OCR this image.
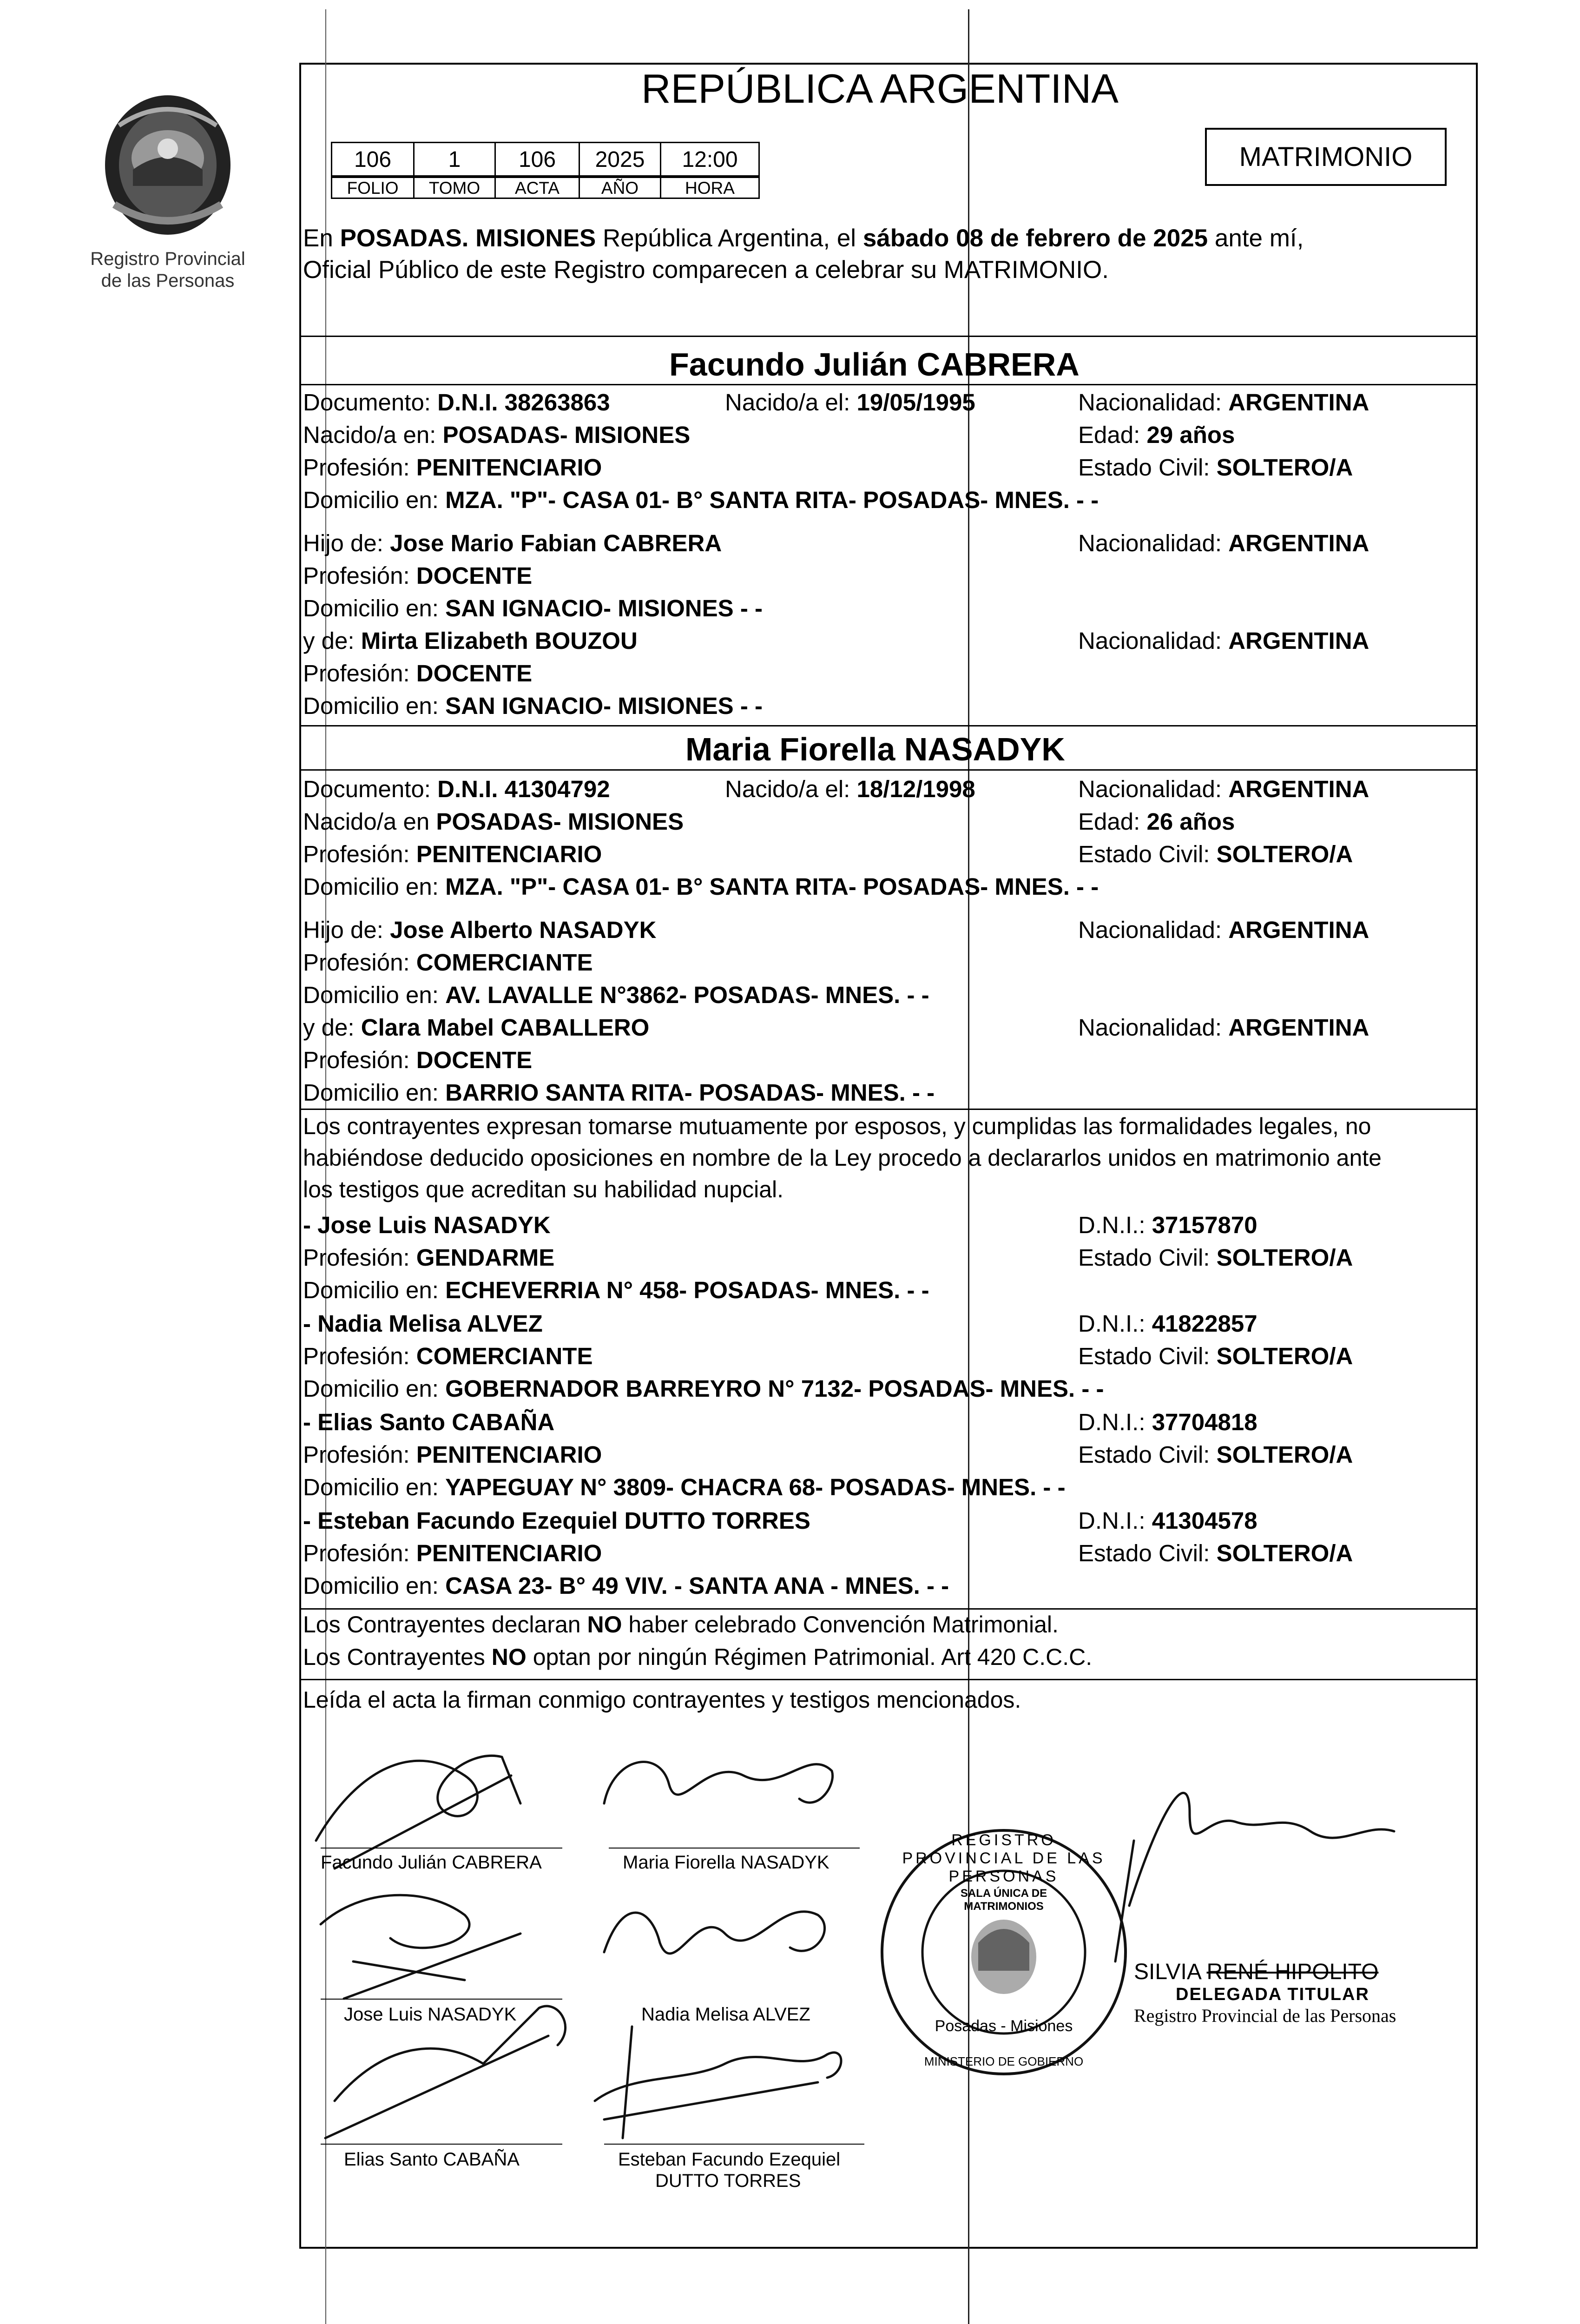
Registro Provincial
de las Personas
REPÚBLICA ARGENTINA
106	1	106	2025	12:00
FOLIO	TOMO	ACTA	AÑO	HORA
MATRIMONIO
En POSADAS. MISIONES República Argentina, el sábado 08 de febrero de 2025 ante mí,
Oficial Público de este Registro comparecen a celebrar su MATRIMONIO.
Facundo Julián CABRERA
Documento: D.N.I. 38263863	Nacido/a el: 19/05/1995	Nacionalidad: ARGENTINA
Nacido/a en: POSADAS- MISIONES	Edad: 29 años
Profesión: PENITENCIARIO	Estado Civil: SOLTERO/A
Domicilio en: MZA. "P"- CASA 01- B° SANTA RITA- POSADAS- MNES. - -
Hijo de: Jose Mario Fabian CABRERA	Nacionalidad: ARGENTINA
Profesión: DOCENTE
Domicilio en: SAN IGNACIO- MISIONES - -
y de: Mirta Elizabeth BOUZOU	Nacionalidad: ARGENTINA
Profesión: DOCENTE
Domicilio en: SAN IGNACIO- MISIONES - -
Maria Fiorella NASADYK
Documento: D.N.I. 41304792	Nacido/a el: 18/12/1998	Nacionalidad: ARGENTINA
Nacido/a en POSADAS- MISIONES	Edad: 26 años
Profesión: PENITENCIARIO	Estado Civil: SOLTERO/A
Domicilio en: MZA. "P"- CASA 01- B° SANTA RITA- POSADAS- MNES. - -
Hijo de: Jose Alberto NASADYK	Nacionalidad: ARGENTINA
Profesión: COMERCIANTE
Domicilio en: AV. LAVALLE N°3862- POSADAS- MNES. - -
y de: Clara Mabel CABALLERO	Nacionalidad: ARGENTINA
Profesión: DOCENTE
Domicilio en: BARRIO SANTA RITA- POSADAS- MNES. - -
Los contrayentes expresan tomarse mutuamente por esposos, y cumplidas las formalidades legales, no
habiéndose deducido oposiciones en nombre de la Ley procedo a declararlos unidos en matrimonio ante
los testigos que acreditan su habilidad nupcial.
- Jose Luis NASADYK	D.N.I.: 37157870
Profesión: GENDARME	Estado Civil: SOLTERO/A
Domicilio en: ECHEVERRIA N° 458- POSADAS- MNES. - -
- Nadia Melisa ALVEZ	D.N.I.: 41822857
Profesión: COMERCIANTE	Estado Civil: SOLTERO/A
Domicilio en: GOBERNADOR BARREYRO N° 7132- POSADAS- MNES. - -
- Elias Santo CABAÑA	D.N.I.: 37704818
Profesión: PENITENCIARIO	Estado Civil: SOLTERO/A
Domicilio en: YAPEGUAY N° 3809- CHACRA 68- POSADAS- MNES. - -
- Esteban Facundo Ezequiel DUTTO TORRES	D.N.I.: 41304578
Profesión: PENITENCIARIO	Estado Civil: SOLTERO/A
Domicilio en: CASA 23- B° 49 VIV. - SANTA ANA - MNES. - -
Los Contrayentes declaran NO haber celebrado Convención Matrimonial.
Los Contrayentes NO optan por ningún Régimen Patrimonial. Art 420 C.C.C.
Leída el acta la firman conmigo contrayentes y testigos mencionados.
Facundo Julián CABRERA	Maria Fiorella NASADYK
Jose Luis NASADYK	Nadia Melisa ALVEZ
Elias Santo CABAÑA	Esteban Facundo Ezequiel
DUTTO TORRES
REGISTRO PROVINCIAL DE LAS PERSONAS
SALA ÚNICA DE MATRIMONIOS
Posadas - Misiones
MINISTERIO DE GOBIERNO
SILVIA RENÉ HIPOLITO
DELEGADA TITULAR
Registro Provincial de las Personas
